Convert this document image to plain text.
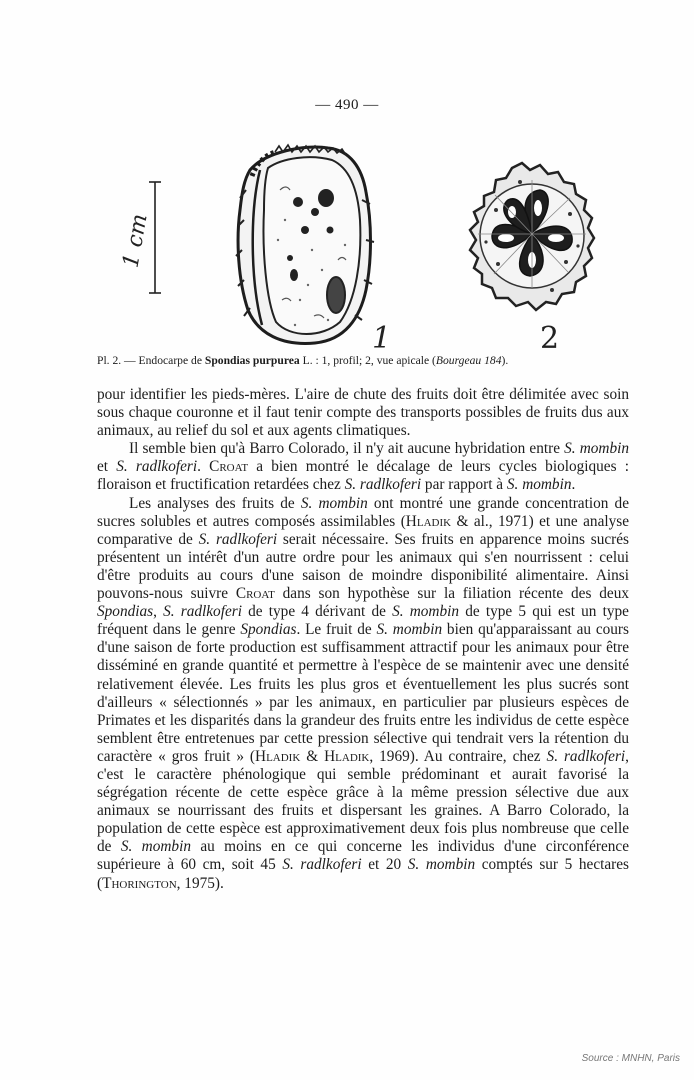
— 490 —
1 cm
1	2
Pl. 2. — Endocarpe de Spondias purpurea L. : 1, profil; 2, vue apicale (Bourgeau 184).

pour identifier les pieds-mères. L'aire de chute des fruits doit être délimitée avec soin sous chaque couronne et il faut tenir compte des transports possibles de fruits dus aux animaux, au relief du sol et aux agents climatiques.

Il semble bien qu'à Barro Colorado, il n'y ait aucune hybridation entre S. mombin et S. radlkoferi. Croat a bien montré le décalage de leurs cycles biologiques : floraison et fructification retardées chez S. radlkoferi par rapport à S. mombin.

Les analyses des fruits de S. mombin ont montré une grande concentration de sucres solubles et autres composés assimilables (Hladik & al., 1971) et une analyse comparative de S. radlkoferi serait nécessaire. Ses fruits en apparence moins sucrés présentent un intérêt d'un autre ordre pour les animaux qui s'en nourrissent : celui d'être produits au cours d'une saison de moindre disponibilité alimentaire. Ainsi pouvons-nous suivre Croat dans son hypothèse sur la filiation récente des deux Spondias, S. radlkoferi de type 4 dérivant de S. mombin de type 5 qui est un type fréquent dans le genre Spondias. Le fruit de S. mombin bien qu'apparaissant au cours d'une saison de forte production est suffisamment attractif pour les animaux pour être disséminé en grande quantité et permettre à l'espèce de se maintenir avec une densité relativement élevée. Les fruits les plus gros et éventuellement les plus sucrés sont d'ailleurs « sélectionnés » par les animaux, en particulier par plusieurs espèces de Primates et les disparités dans la grandeur des fruits entre les individus de cette espèce semblent être entretenues par cette pression sélective qui tendrait vers la rétention du caractère « gros fruit » (Hladik & Hladik, 1969). Au contraire, chez S. radlkoferi, c'est le caractère phénologique qui semble prédominant et aurait favorisé la ségrégation récente de cette espèce grâce à la même pression sélective due aux animaux se nourrissant des fruits et dispersant les graines. A Barro Colorado, la population de cette espèce est approximativement deux fois plus nombreuse que celle de S. mombin au moins en ce qui concerne les individus d'une circonférence supérieure à 60 cm, soit 45 S. radlkoferi et 20 S. mombin comptés sur 5 hectares (Thorington, 1975).

Source : MNHN, Paris
